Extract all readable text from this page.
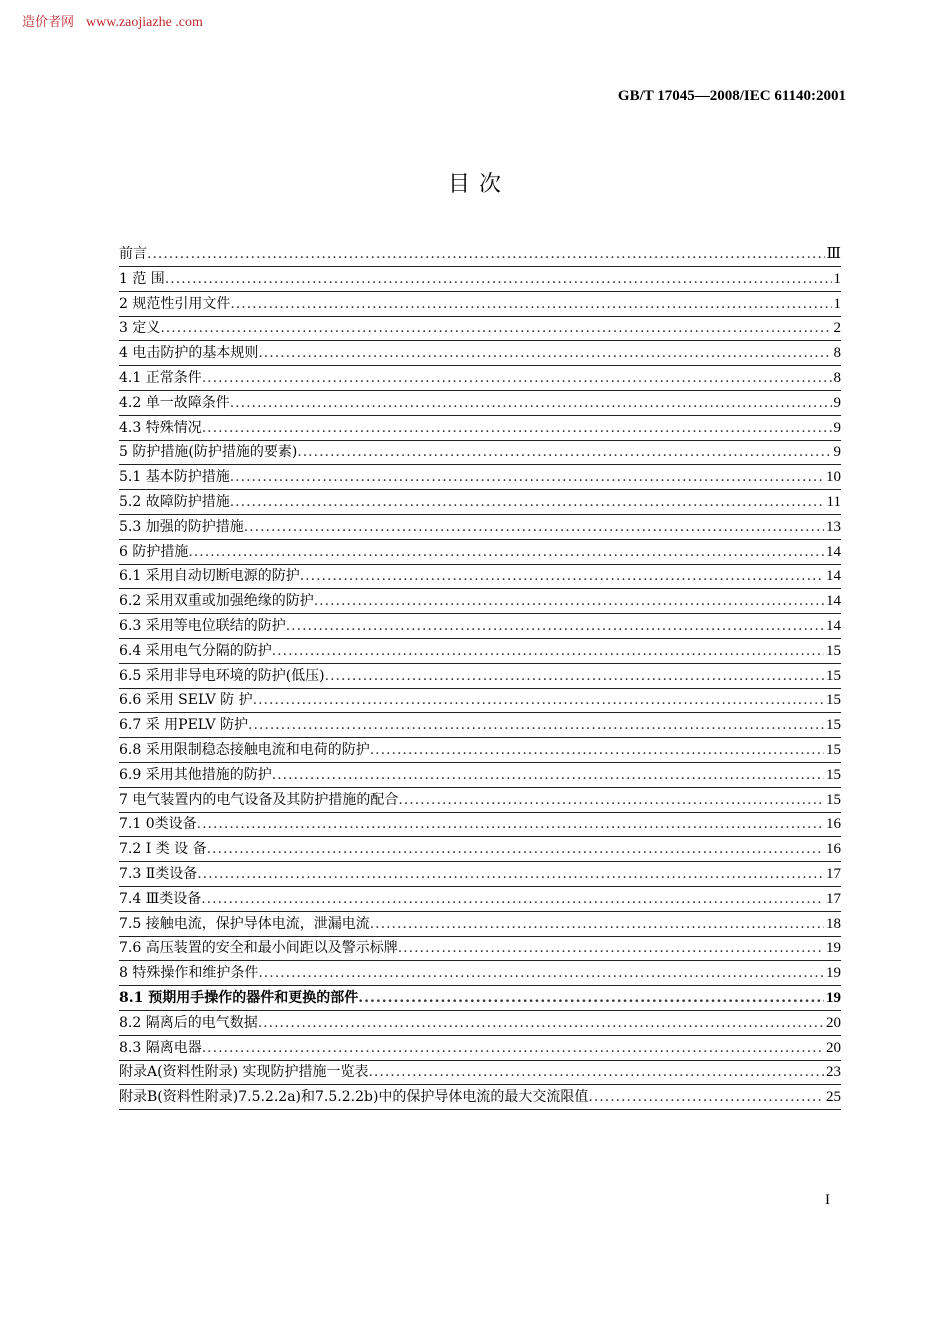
造价者网 www.zaojiazhe .com
GB/T 17045—2008/IEC 61140:2001
目 次
前言 .....	Ⅲ
1 范 围 .....	1
2 规范性引用文件 .....	1
3 定义 .....	2
4 电击防护的基本规则 .....	8
4.1 正常条件 .....	8
4.2 单一故障条件 .....	9
4.3 特殊情况 .....	9
5 防护措施(防护措施的要素) .....	9
5.1 基本防护措施 .....	10
5.2 故障防护措施 .....	11
5.3 加强的防护措施 .....	13
6 防护措施 .....	14
6.1 采用自动切断电源的防护 .....	14
6.2 采用双重或加强绝缘的防护 .....	14
6.3 采用等电位联结的防护 .....	14
6.4 采用电气分隔的防护 .....	15
6.5 采用非导电环境的防护(低压) .....	15
6.6 采用 SELV 防 护 .....	15
6.7 采 用PELV 防护 .....	15
6.8 采用限制稳态接触电流和电荷的防护 .....	15
6.9 采用其他措施的防护 .....	15
7 电气装置内的电气设备及其防护措施的配合 .....	15
7.1 0类设备 .....	16
7.2 Ⅰ 类 设 备 .....	16
7.3 Ⅱ类设备 .....	17
7.4 Ⅲ类设备 .....	17
7.5 接触电流，保护导体电流，泄漏电流 .....	18
7.6 高压装置的安全和最小间距以及警示标牌 .....	19
8 特殊操作和维护条件 .....	19
8.1 预期用手操作的器件和更换的部件 .....	19
8.2 隔离后的电气数据 .....	20
8.3 隔离电器 .....	20
附录A(资料性附录) 实现防护措施一览表 .....	23
附录B(资料性附录)7.5.2.2a)和7.5.2.2b)中的保护导体电流的最大交流限值 .....	25
I
